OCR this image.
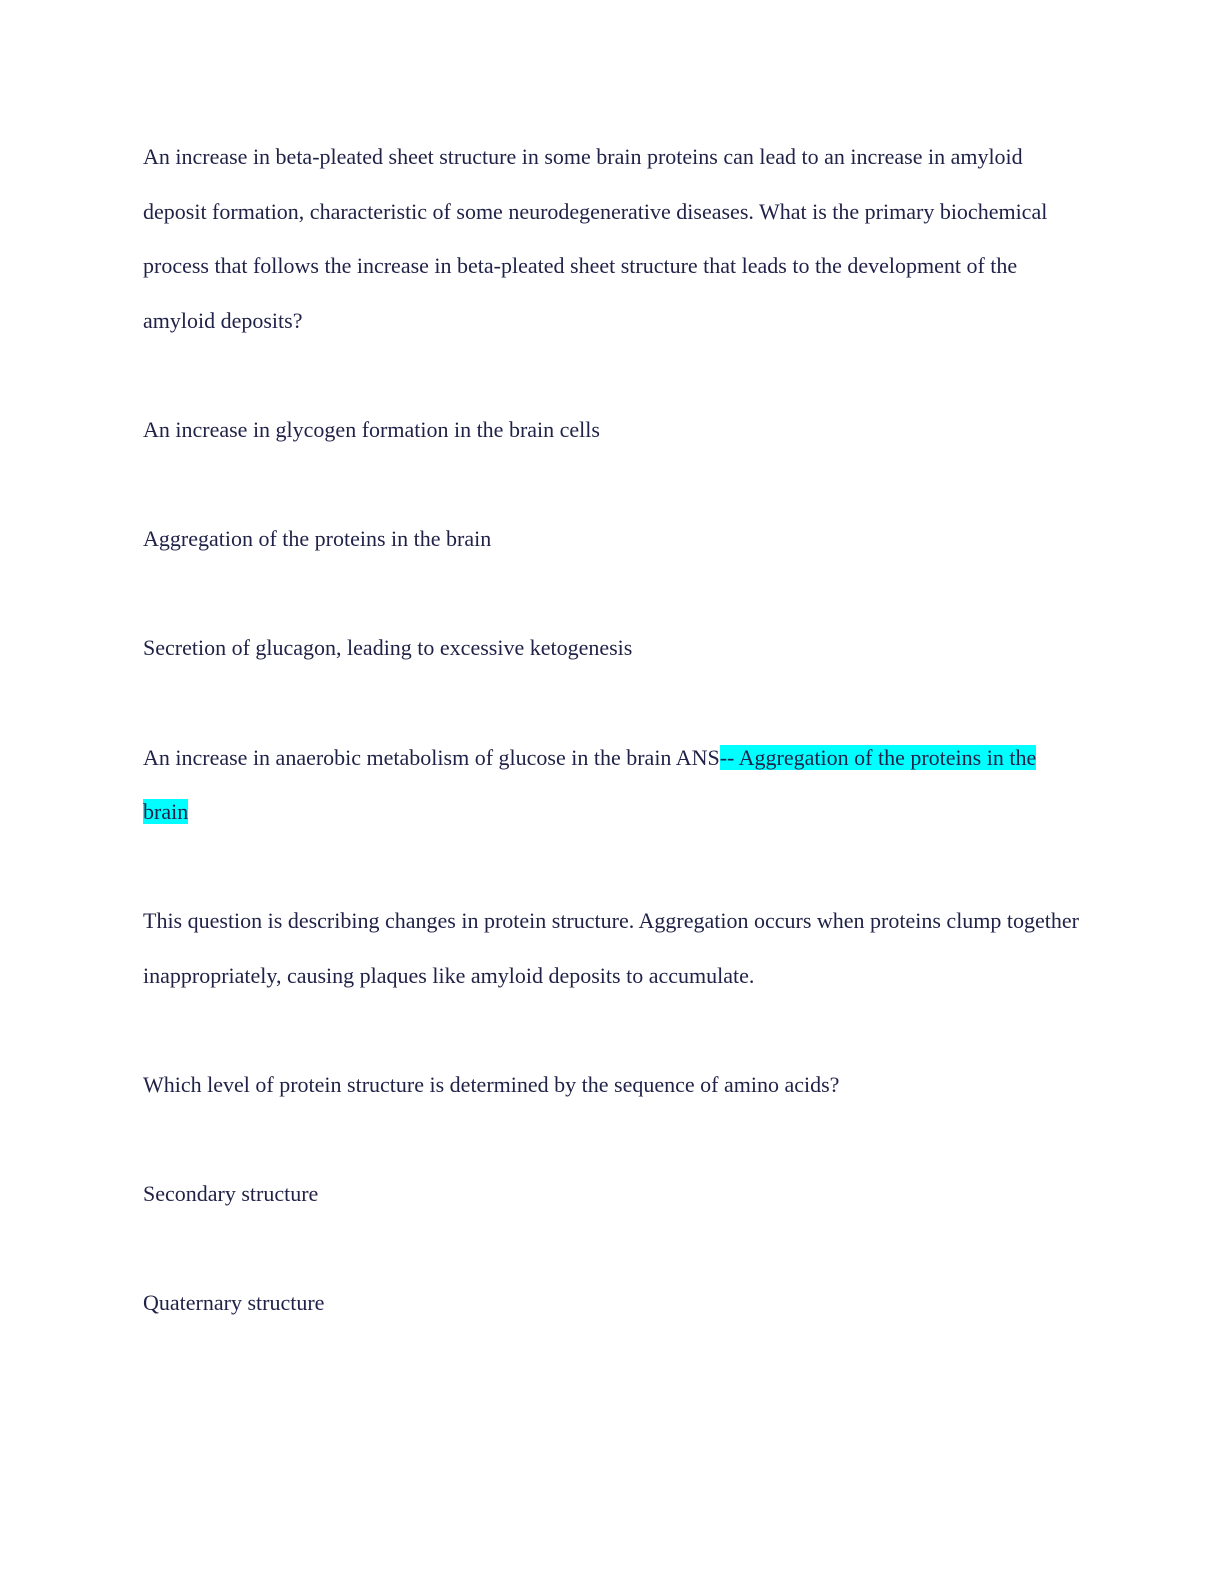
An increase in beta-pleated sheet structure in some brain proteins can lead to an increase in amyloid deposit formation, characteristic of some neurodegenerative diseases. What is the primary biochemical process that follows the increase in beta-pleated sheet structure that leads to the development of the amyloid deposits?

An increase in glycogen formation in the brain cells

Aggregation of the proteins in the brain

Secretion of glucagon, leading to excessive ketogenesis

An increase in anaerobic metabolism of glucose in the brain ANS-- Aggregation of the proteins in the brain

This question is describing changes in protein structure. Aggregation occurs when proteins clump together inappropriately, causing plaques like amyloid deposits to accumulate.

Which level of protein structure is determined by the sequence of amino acids?

Secondary structure

Quaternary structure
